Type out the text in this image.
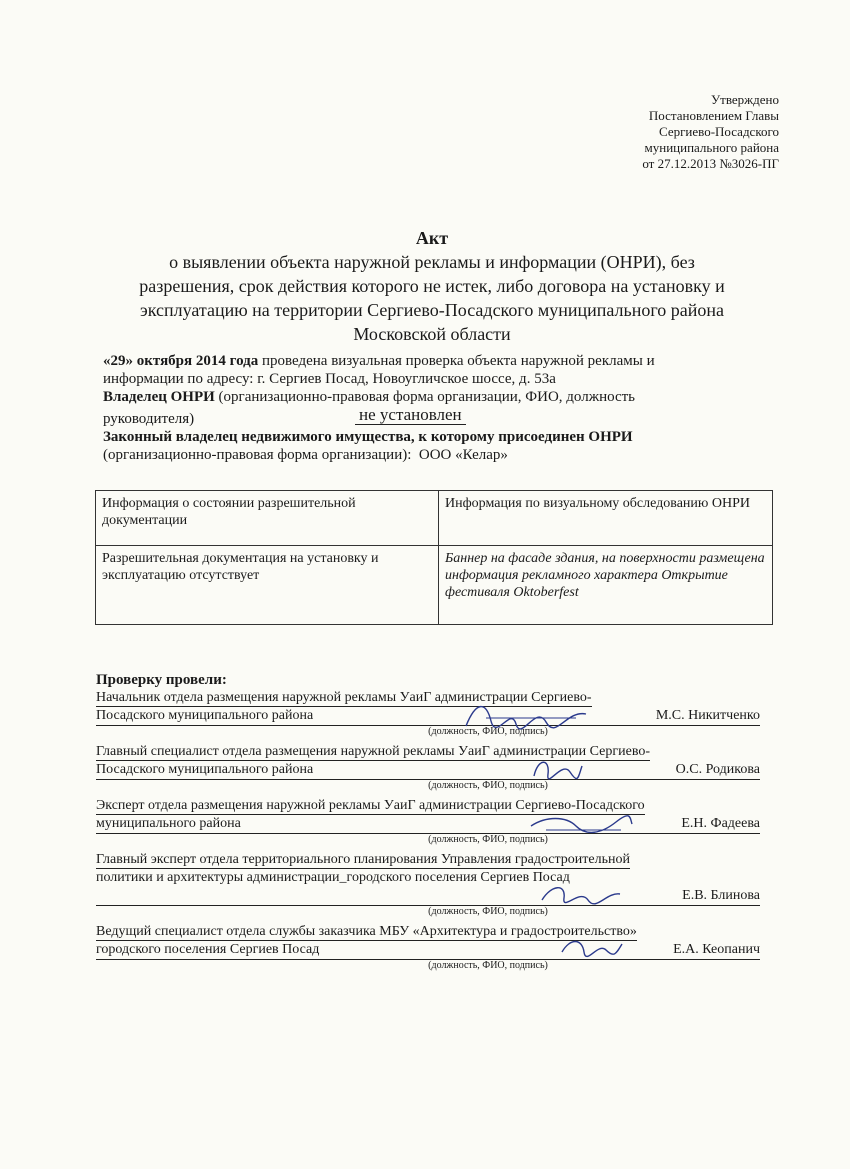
Утверждено
Постановлением Главы
Сергиево-Посадского
муниципального района
от 27.12.2013 №3026-ПГ
Акт
о выявлении объекта наружной рекламы и информации (ОНРИ), без
разрешения, срок действия которого не истек, либо договора на установку и
эксплуатацию на территории Сергиево-Посадского муниципального района
Московской области
«29» октября 2014 года проведена визуальная проверка объекта наружной рекламы и
информации по адресу: г. Сергиев Посад, Новоугличское шоссе, д. 53а
Владелец ОНРИ (организационно-правовая форма организации, ФИО, должность
руководителя)	не установлен
Законный владелец недвижимого имущества, к которому присоединен ОНРИ
(организационно-правовая форма организации): ООО «Келар»
Информация о состоянии разрешительной документации	Информация по визуальному обследованию ОНРИ
Разрешительная документация на установку и эксплуатацию отсутствует	Баннер на фасаде здания, на поверхности размещена информация рекламного характера Открытие фестиваля Oktoberfest
Проверку провели:
Начальник отдела размещения наружной рекламы УаиГ администрации Сергиево-
Посадского муниципального района	М.С. Никитченко
(должность, ФИО, подпись)
Главный специалист отдела размещения наружной рекламы УаиГ администрации Сергиево-
Посадского муниципального района	О.С. Родикова
(должность, ФИО, подпись)
Эксперт отдела размещения наружной рекламы УаиГ администрации Сергиево-Посадского
муниципального района	Е.Н. Фадеева
(должность, ФИО, подпись)
Главный эксперт отдела территориального планирования Управления градостроительной
политики и архитектуры администрации_городского поселения Сергиев Посад
Е.В. Блинова
(должность, ФИО, подпись)
Ведущий специалист отдела службы заказчика МБУ «Архитектура и градостроительство»
городского поселения Сергиев Посад	Е.А. Кеопанич
(должность, ФИО, подпись)
